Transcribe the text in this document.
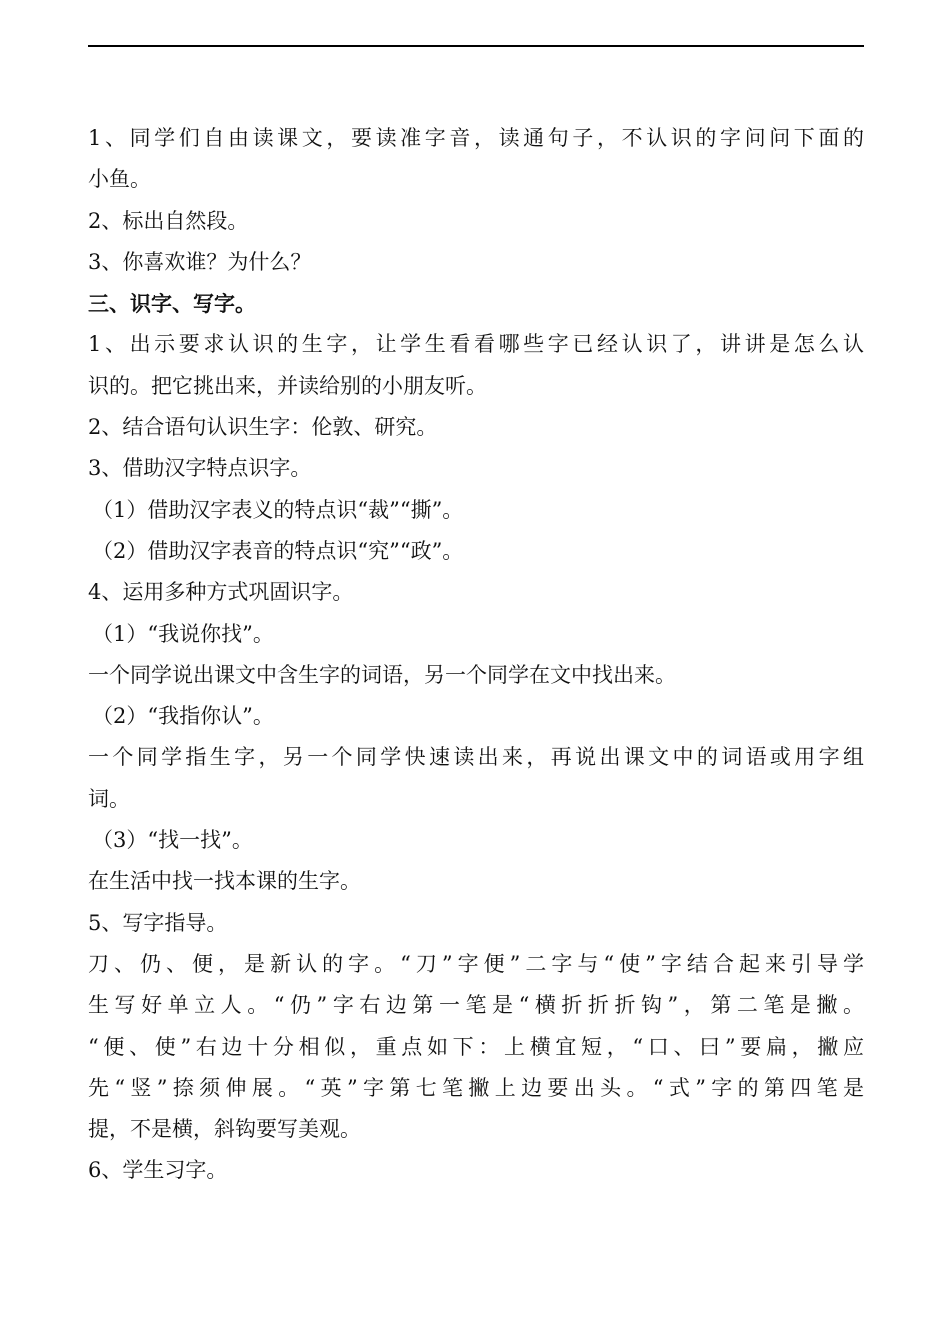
1、同学们自由读课文，要读准字音，读通句子，不认识的字问问下面的
小鱼。
2、标出自然段。
3、你喜欢谁？为什么？
三、识字、写字。
1、出示要求认识的生字，让学生看看哪些字已经认识了，讲讲是怎么认
识的。把它挑出来，并读给别的小朋友听。
2、结合语句认识生字：伦敦、研究。
3、借助汉字特点识字。
（1）借助汉字表义的特点识“裁”“撕”。
（2）借助汉字表音的特点识“究”“政”。
4、运用多种方式巩固识字。
（1）“我说你找”。
一个同学说出课文中含生字的词语，另一个同学在文中找出来。
（2）“我指你认”。
一个同学指生字，另一个同学快速读出来，再说出课文中的词语或用字组
词。
（3）“找一找”。
在生活中找一找本课的生字。
5、写字指导。
刀、仍、便，是新认的字。“刀”字便”二字与“使”字结合起来引导学
生写好单立人。“仍”字右边第一笔是“横折折折钩”，第二笔是撇。
“便、使”右边十分相似，重点如下：上横宜短，“口、曰”要扁，撇应
先“竖”捺须伸展。“英”字第七笔撇上边要出头。“式”字的第四笔是
提，不是横，斜钩要写美观。
6、学生习字。
